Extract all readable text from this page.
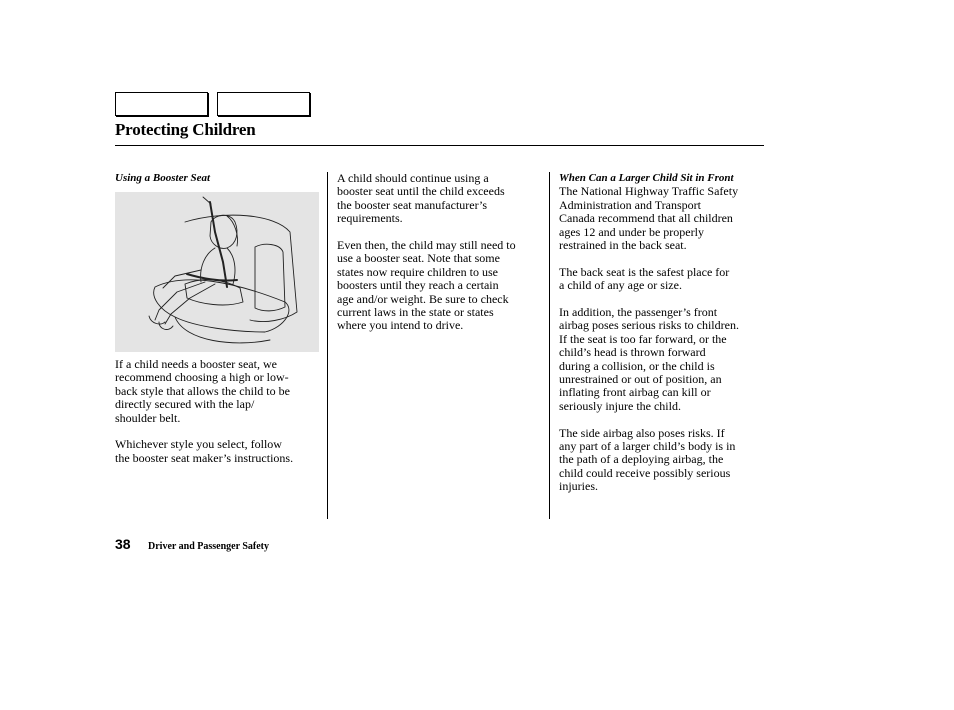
Protecting Children
Using a Booster Seat

If a child needs a booster seat, we
recommend choosing a high or low-
back style that allows the child to be
directly secured with the lap/
shoulder belt.

Whichever style you select, follow
the booster seat maker’s instructions.

A child should continue using a
booster seat until the child exceeds
the booster seat manufacturer’s
requirements.

Even then, the child may still need to
use a booster seat. Note that some
states now require children to use
boosters until they reach a certain
age and/or weight. Be sure to check
current laws in the state or states
where you intend to drive.

When Can a Larger Child Sit in Front

The National Highway Traffic Safety
Administration and Transport
Canada recommend that all children
ages 12 and under be properly
restrained in the back seat.

The back seat is the safest place for
a child of any age or size.

In addition, the passenger’s front
airbag poses serious risks to children.
If the seat is too far forward, or the
child’s head is thrown forward
during a collision, or the child is
unrestrained or out of position, an
inflating front airbag can kill or
seriously injure the child.

The side airbag also poses risks. If
any part of a larger child’s body is in
the path of a deploying airbag, the
child could receive possibly serious
injuries.

38 Driver and Passenger Safety
